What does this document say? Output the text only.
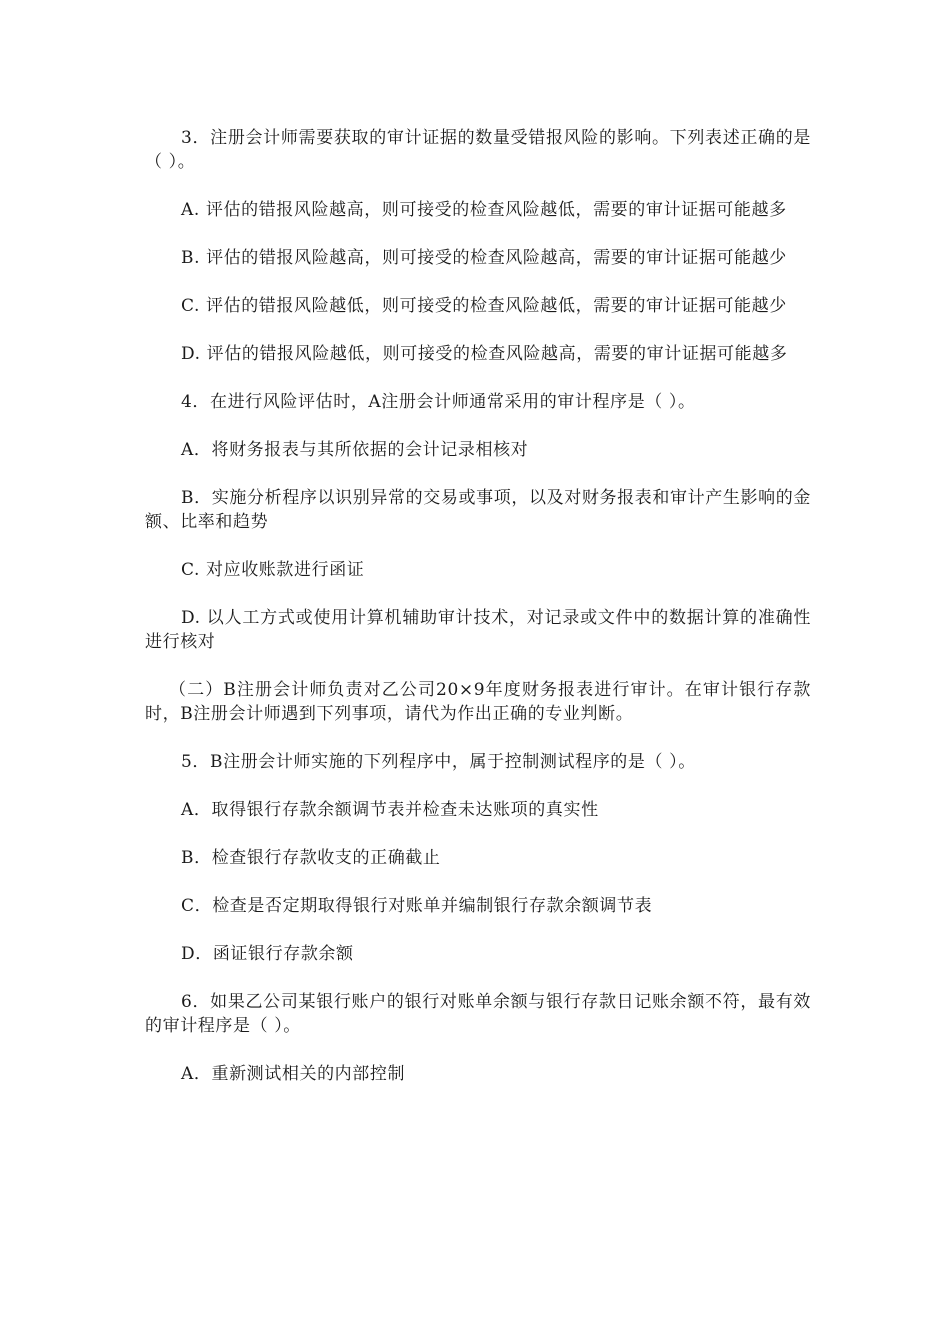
3．注册会计师需要获取的审计证据的数量受错报风险的影响。下列表述正确的是（ ）。

A. 评估的错报风险越高，则可接受的检查风险越低，需要的审计证据可能越多

B. 评估的错报风险越高，则可接受的检查风险越高，需要的审计证据可能越少

C. 评估的错报风险越低，则可接受的检查风险越低，需要的审计证据可能越少

D. 评估的错报风险越低，则可接受的检查风险越高，需要的审计证据可能越多

4．在进行风险评估时，A注册会计师通常采用的审计程序是（ ）。

A．将财务报表与其所依据的会计记录相核对

B．实施分析程序以识别异常的交易或事项，以及对财务报表和审计产生影响的金额、比率和趋势

C. 对应收账款进行函证

D. 以人工方式或使用计算机辅助审计技术，对记录或文件中的数据计算的准确性进行核对

（二）B注册会计师负责对乙公司20×9年度财务报表进行审计。在审计银行存款时，B注册会计师遇到下列事项，请代为作出正确的专业判断。

5．B注册会计师实施的下列程序中，属于控制测试程序的是（ ）。

A．取得银行存款余额调节表并检查未达账项的真实性

B．检查银行存款收支的正确截止

C．检查是否定期取得银行对账单并编制银行存款余额调节表

D．函证银行存款余额

6．如果乙公司某银行账户的银行对账单余额与银行存款日记账余额不符，最有效的审计程序是（ ）。

A．重新测试相关的内部控制
